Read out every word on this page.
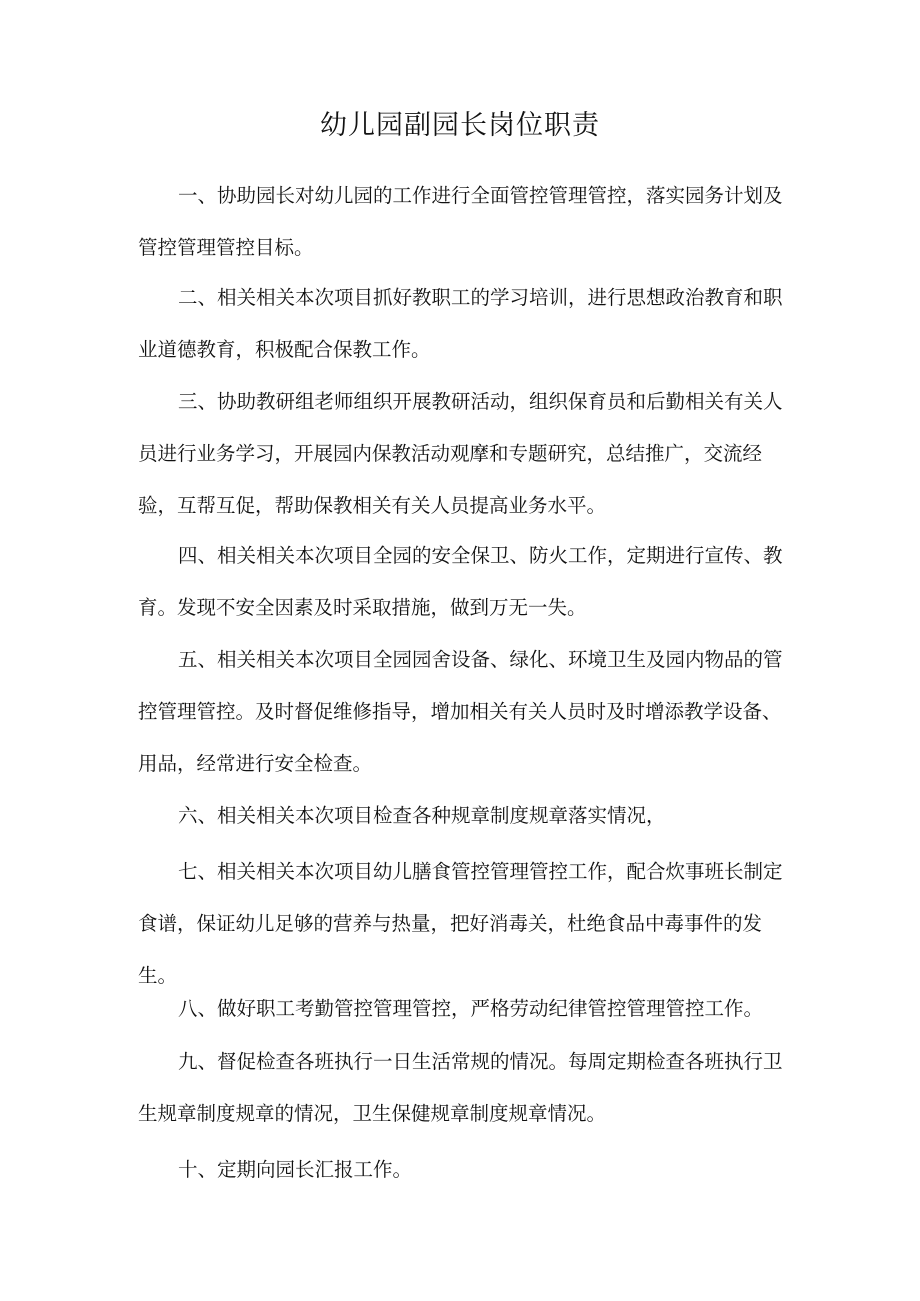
幼儿园副园长岗位职责

一、协助园长对幼儿园的工作进行全面管控管理管控，落实园务计划及管控管理管控目标。

二、相关相关本次项目抓好教职工的学习培训，进行思想政治教育和职业道德教育，积极配合保教工作。

三、协助教研组老师组织开展教研活动，组织保育员和后勤相关有关人员进行业务学习，开展园内保教活动观摩和专题研究，总结推广，交流经验，互帮互促，帮助保教相关有关人员提高业务水平。

四、相关相关本次项目全园的安全保卫、防火工作，定期进行宣传、教育。发现不安全因素及时采取措施，做到万无一失。

五、相关相关本次项目全园园舍设备、绿化、环境卫生及园内物品的管控管理管控。及时督促维修指导，增加相关有关人员时及时增添教学设备、用品，经常进行安全检查。

六、相关相关本次项目检查各种规章制度规章落实情况，

七、相关相关本次项目幼儿膳食管控管理管控工作，配合炊事班长制定食谱，保证幼儿足够的营养与热量，把好消毒关，杜绝食品中毒事件的发生。

八、做好职工考勤管控管理管控，严格劳动纪律管控管理管控工作。

九、督促检查各班执行一日生活常规的情况。每周定期检查各班执行卫生规章制度规章的情况，卫生保健规章制度规章情况。

十、定期向园长汇报工作。
